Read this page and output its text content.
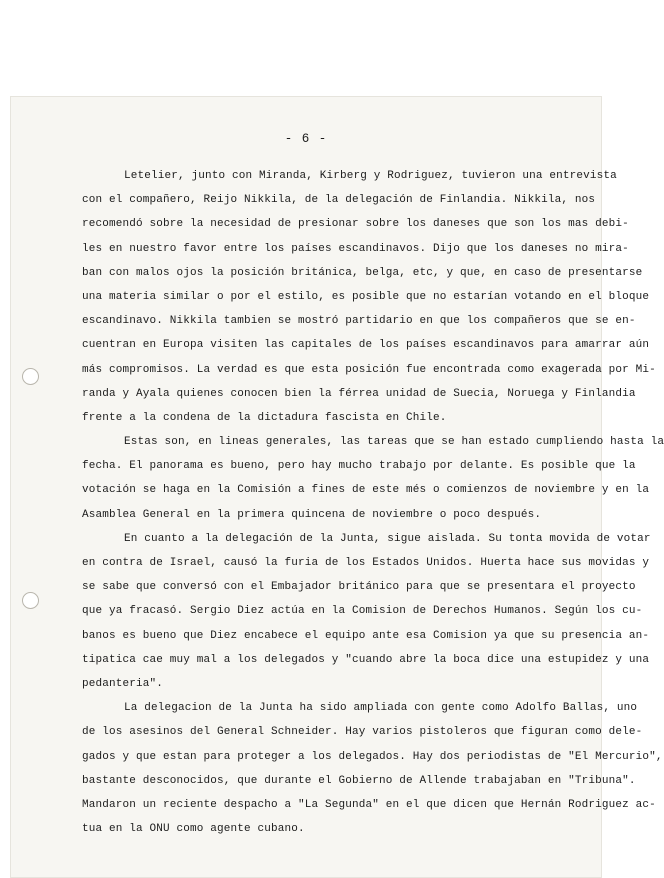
- 6 -
Letelier, junto con Miranda, Kirberg y Rodriguez, tuvieron una entrevista
con el compañero, Reijo Nikkila, de la delegación de Finlandia. Nikkila, nos
recomendó sobre la necesidad de presionar sobre los daneses que son los mas debi-
les en nuestro favor entre los países escandinavos. Dijo que los daneses no mira-
ban con malos ojos la posición británica, belga, etc, y que, en caso de presentarse
una materia similar o por el estilo, es posible que no estarían votando en el bloque
escandinavo. Nikkila tambien se mostró partidario en que los compañeros que se en-
cuentran en Europa visiten las capitales de los países escandinavos para amarrar aún
más compromisos. La verdad es que esta posición fue encontrada como exagerada por Mi-
randa y Ayala quienes conocen bien la férrea unidad de Suecia, Noruega y Finlandia
frente a la condena de la dictadura fascista en Chile.
Estas son, en lineas generales, las tareas que se han estado cumpliendo hasta la
fecha. El panorama es bueno, pero hay mucho trabajo por delante. Es posible que la
votación se haga en la Comisión a fines de este més o comienzos de noviembre y en la
Asamblea General en la primera quincena de noviembre o poco después.
En cuanto a la delegación de la Junta, sigue aislada. Su tonta movida de votar
en contra de Israel, causó la furia de los Estados Unidos. Huerta hace sus movidas y
se sabe que conversó con el Embajador británico para que se presentara el proyecto
que ya fracasó. Sergio Diez actúa en la Comision de Derechos Humanos. Según los cu-
banos es bueno que Diez encabece el equipo ante esa Comision ya que su presencia an-
tipatica cae muy mal a los delegados y "cuando abre la boca dice una estupidez y una
pedanteria".
La delegacion de la Junta ha sido ampliada con gente como Adolfo Ballas, uno
de los asesinos del General Schneider. Hay varios pistoleros que figuran como dele-
gados y que estan para proteger a los delegados. Hay dos periodistas de "El Mercurio",
bastante desconocidos, que durante el Gobierno de Allende trabajaban en "Tribuna".
Mandaron un reciente despacho a "La Segunda" en el que dicen que Hernán Rodriguez ac-
tua en la ONU como agente cubano.
